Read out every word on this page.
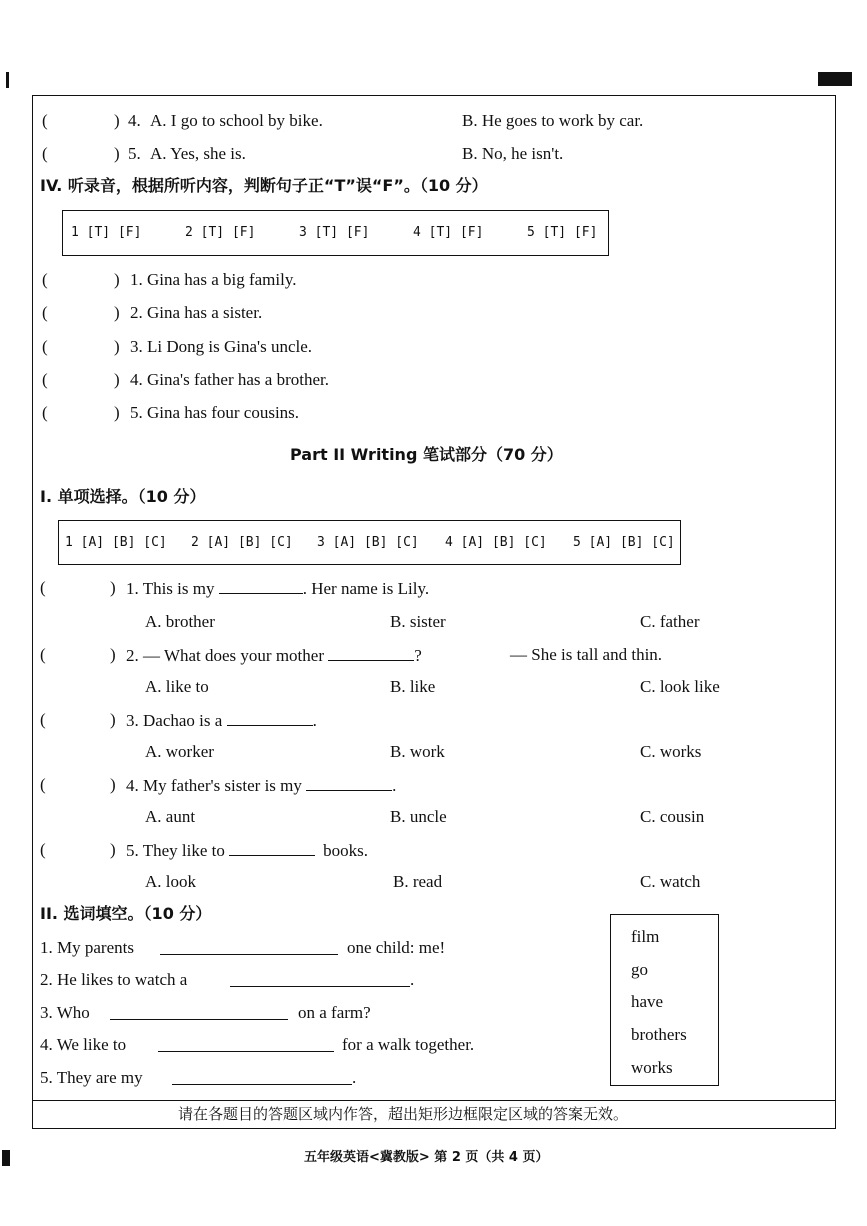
(	) 4. A. I go to school by bike.	B. He goes to work by car.
(	) 5. A. Yes, she is.	B. No, he isn't.
IV. 听录音，根据所听内容，判断句子正“T”误“F”。（10 分）
1 [T] [F]	2 [T] [F]	3 [T] [F]	4 [T] [F]	5 [T] [F]
(	) 1. Gina has a big family.
(	) 2. Gina has a sister.
(	) 3. Li Dong is Gina's uncle.
(	) 4. Gina's father has a brother.
(	) 5. Gina has four cousins.
Part II Writing 笔试部分（70 分）
I. 单项选择。（10 分）
1 [A] [B] [C] 2 [A] [B] [C] 3 [A] [B] [C] 4 [A] [B] [C] 5 [A] [B] [C]
(	) 1. This is my	. Her name is Lily.
A. brother	B. sister	C. father
(	) 2. — What does your mother	?	— She is tall and thin.
A. like to	B. like	C. look like
(	) 3. Dachao is a	.
A. worker	B. work	C. works
(	) 4. My father's sister is my	.
A. aunt	B. uncle	C. cousin
(	) 5. They like to	books.
A. look	B. read	C. watch
II. 选词填空。（10 分）
1. My parents	one child: me!
2. He likes to watch a	.
3. Who	on a farm?
4. We like to	for a walk together.
5. They are my	.
film
go
have
brothers
works
请在各题目的答题区域内作答，超出矩形边框限定区域的答案无效。
五年级英语<冀教版> 第 2 页（共 4 页）
